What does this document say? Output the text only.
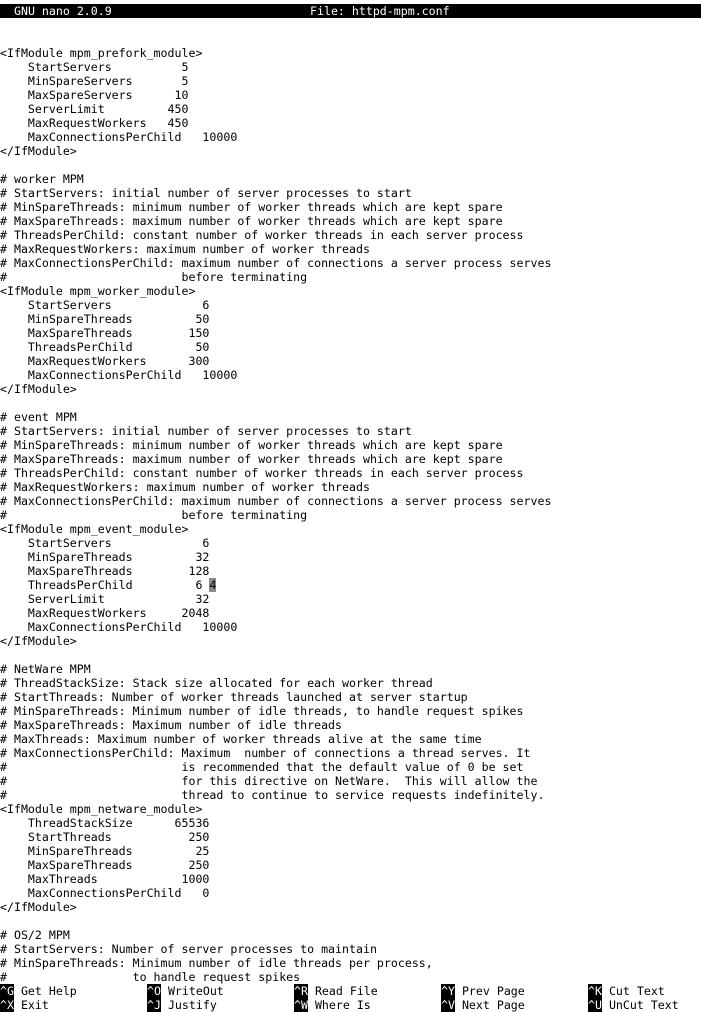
GNU nano 2.0.9

	File: httpd-mpm.conf

<IfModule mpm_prefork_module>
StartServers          5
MinSpareServers       5
MaxSpareServers      10
ServerLimit         450
MaxRequestWorkers   450
MaxConnectionsPerChild   10000
</IfModule>
# worker MPM
# StartServers: initial number of server processes to start
# MinSpareThreads: minimum number of worker threads which are kept spare
# MaxSpareThreads: maximum number of worker threads which are kept spare
# ThreadsPerChild: constant number of worker threads in each server process
# MaxRequestWorkers: maximum number of worker threads
# MaxConnectionsPerChild: maximum number of connections a server process serves
#                         before terminating
<IfModule mpm_worker_module>
StartServers             6
MinSpareThreads         50
MaxSpareThreads        150
ThreadsPerChild         50
MaxRequestWorkers      300
MaxConnectionsPerChild   10000
</IfModule>
# event MPM
# StartServers: initial number of server processes to start
# MinSpareThreads: minimum number of worker threads which are kept spare
# MaxSpareThreads: maximum number of worker threads which are kept spare
# ThreadsPerChild: constant number of worker threads in each server process
# MaxRequestWorkers: maximum number of worker threads
# MaxConnectionsPerChild: maximum number of connections a server process serves
#                         before terminating
<IfModule mpm_event_module>
StartServers             6
MinSpareThreads         32
MaxSpareThreads        128
ThreadsPerChild         6 4
ServerLimit             32
MaxRequestWorkers     2048
MaxConnectionsPerChild   10000
</IfModule>
# NetWare MPM
# ThreadStackSize: Stack size allocated for each worker thread
# StartThreads: Number of worker threads launched at server startup
# MinSpareThreads: Minimum number of idle threads, to handle request spikes
# MaxSpareThreads: Maximum number of idle threads
# MaxThreads: Maximum number of worker threads alive at the same time
# MaxConnectionsPerChild: Maximum  number of connections a thread serves. It
#                         is recommended that the default value of 0 be set
#                         for this directive on NetWare.  This will allow the
#                         thread to continue to service requests indefinitely.
<IfModule mpm_netware_module>
ThreadStackSize      65536
StartThreads           250
MinSpareThreads         25
MaxSpareThreads        250
MaxThreads            1000
MaxConnectionsPerChild   0
</IfModule>
# OS/2 MPM
# StartServers: Number of server processes to maintain
# MinSpareThreads: Minimum number of idle threads per process,
#                  to handle request spikes
^G Get Help	^O WriteOut	^R Read File	^Y Prev Page	^K Cut Text
^X Exit	^J Justify	^W Where Is	^V Next Page	^U UnCut Text
